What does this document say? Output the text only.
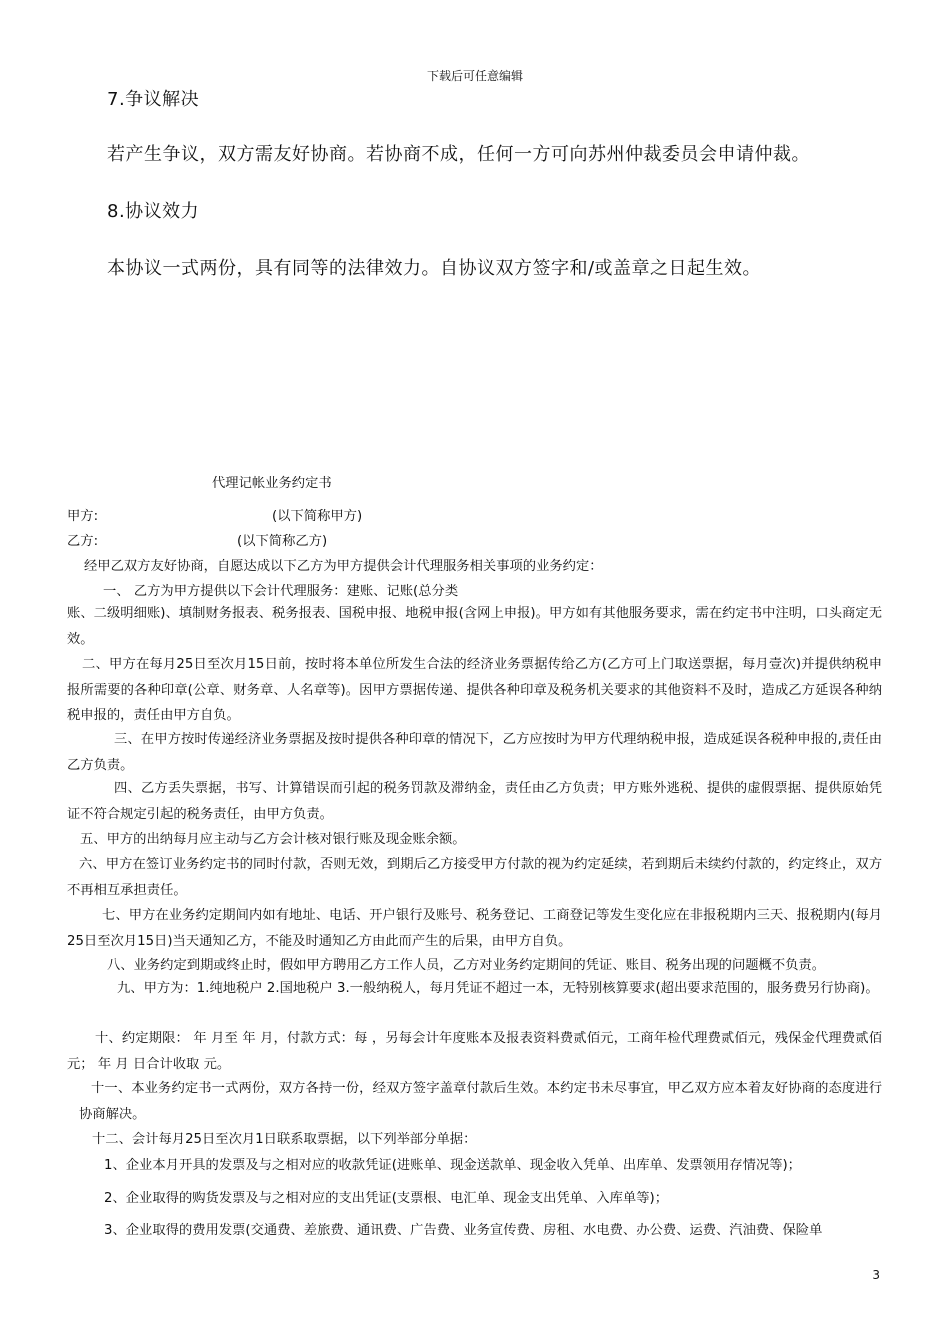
下载后可任意编辑
7.争议解决
若产生争议，双方需友好协商。若协商不成，任何一方可向苏州仲裁委员会申请仲裁。
8.协议效力
本协议一式两份，具有同等的法律效力。自协议双方签字和/或盖章之日起生效。
代理记帐业务约定书
甲方:	(以下简称甲方)
乙方:	(以下简称乙方)
经甲乙双方友好协商，自愿达成以下乙方为甲方提供会计代理服务相关事项的业务约定：
一、 乙方为甲方提供以下会计代理服务：建账、记账(总分类
账、二级明细账)、填制财务报表、税务报表、国税申报、地税申报(含网上申报)。甲方如有其他服务要求，需在约定书中注明，口头商定无效。
二、甲方在每月25日至次月15日前，按时将本单位所发生合法的经济业务票据传给乙方(乙方可上门取送票据，每月壹次)并提供纳税申报所需要的各种印章(公章、财务章、人名章等)。因甲方票据传递、提供各种印章及税务机关要求的其他资料不及时，造成乙方延误各种纳税申报的，责任由甲方自负。
三、在甲方按时传递经济业务票据及按时提供各种印章的情况下，乙方应按时为甲方代理纳税申报，造成延误各税种申报的,责任由乙方负责。
四、乙方丢失票据，书写、计算错误而引起的税务罚款及滞纳金，责任由乙方负责；甲方账外逃税、提供的虚假票据、提供原始凭证不符合规定引起的税务责任，由甲方负责。
五、甲方的出纳每月应主动与乙方会计核对银行账及现金账余额。
六、甲方在签订业务约定书的同时付款，否则无效，到期后乙方接受甲方付款的视为约定延续，若到期后未续约付款的，约定终止，双方不再相互承担责任。
七、甲方在业务约定期间内如有地址、电话、开户银行及账号、税务登记、工商登记等发生变化应在非报税期内三天、报税期内(每月25日至次月15日)当天通知乙方，不能及时通知乙方由此而产生的后果，由甲方自负。
八、业务约定到期或终止时，假如甲方聘用乙方工作人员，乙方对业务约定期间的凭证、账目、税务出现的问题概不负责。
九、甲方为：1.纯地税户 2.国地税户 3.一般纳税人，每月凭证不超过一本，无特别核算要求(超出要求范围的，服务费另行协商)。
十、约定期限： 年 月至 年 月，付款方式：每 ，另每会计年度账本及报表资料费贰佰元，工商年检代理费贰佰元，残保金代理费贰佰元； 年 月 日合计收取 元。
十一、本业务约定书一式两份，双方各持一份，经双方签字盖章付款后生效。本约定书未尽事宜，甲乙双方应本着友好协商的态度进行协商解决。
十二、会计每月25日至次月1日联系取票据，以下列举部分单据：
1、企业本月开具的发票及与之相对应的收款凭证(进账单、现金送款单、现金收入凭单、出库单、发票领用存情况等)；
2、企业取得的购货发票及与之相对应的支出凭证(支票根、电汇单、现金支出凭单、入库单等)；
3、企业取得的费用发票(交通费、差旅费、通讯费、广告费、业务宣传费、房租、水电费、办公费、运费、汽油费、保险单
3
